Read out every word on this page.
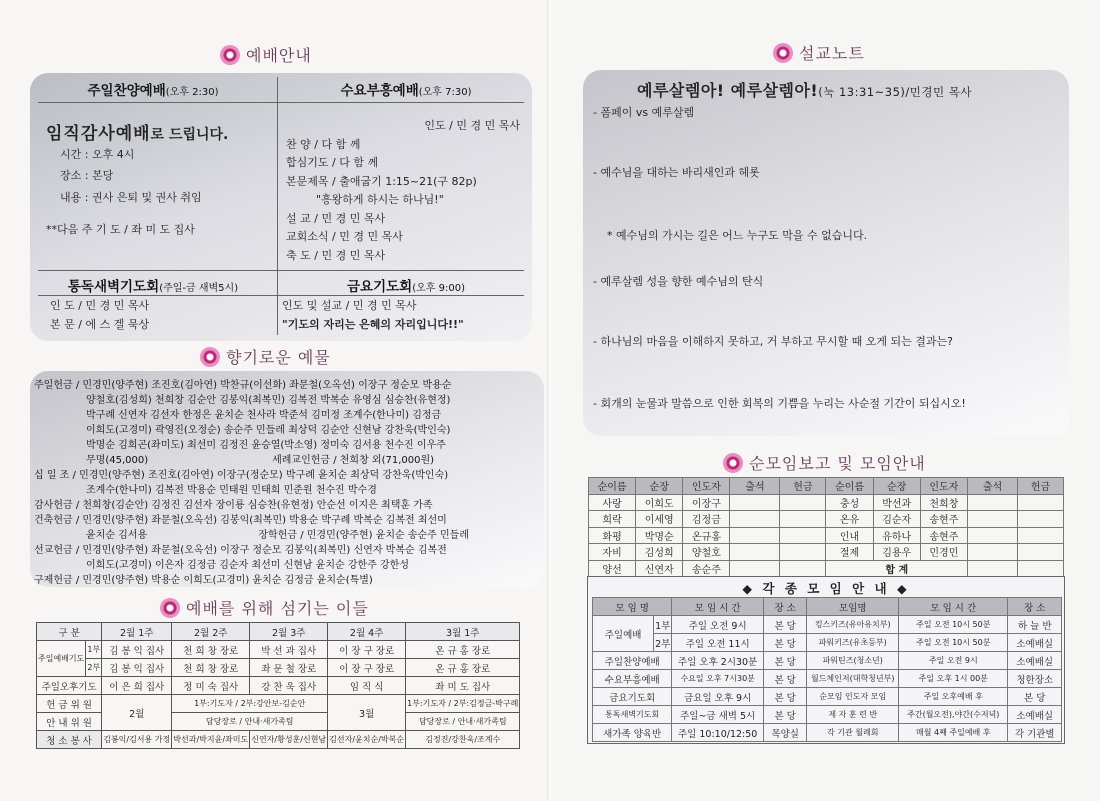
예배안내
주일찬양예배(오후 2:30)	수요부흥예배(오후 7:30)
임직감사예배로 드립니다.
시간 : 오후 4시
장소 : 본당
내용 : 권사 은퇴 및 권사 취임
**다음 주 기 도 / 좌 미 도 집사
인도 / 민 경 민 목사
찬 양 / 다 함 께
합심기도 / 다 함 께
본문제목 / 출애굽기 1:15~21(구 82p)
"흥왕하게 하시는 하나님!"
설 교 / 민 경 민 목사
교회소식 / 민 경 민 목사
축 도 / 민 경 민 목사
통독새벽기도회(주일-금 새벽5시)	금요기도회(오후 9:00)
인 도 / 민 경 민 목사
본 문 / 에 스 겔 묵상
인도 및 설교 / 민 경 민 목사
"기도의 자리는 은혜의 자리입니다!!"
향기로운 예물
주일헌금 / 민경민(양주현) 조진호(김아연) 박찬규(이선화) 좌문철(오옥선) 이장구 정순모 박용순
양철호(김성희) 천희창 김순안 김봉익(최복민) 김복전 박복순 유영심 심승찬(유현정)
박구례 신연자 김선자 한정은 윤치순 천사라 박준석 김미정 조계수(한나미) 김정금
이희도(고경미) 곽영진(오정순) 송순주 민들레 최상덕 김순안 신현남 강찬욱(박인숙)
박명순 김희곤(좌미도) 최선미 김정진 윤승열(박소영) 정미숙 김서용 천수진 이우주
무명(45,000)                                       세례교인헌금 / 천희창 외(71,000원)
십 일 조 / 민경민(양주현) 조진호(김아연) 이장구(정순모) 박구례 윤치순 최상덕 강찬욱(박인숙)
조계수(한나미) 김복전 박용순 민태원 민태희 민준원 천수진 박수경
감사헌금 / 천희창(김순안) 김정진 김선자 장이룡 심승찬(유현정) 안순선 이지은 최택훈 가족
건축헌금 / 민경민(양주현) 좌문철(오옥선) 김봉익(최복민) 박용순 박구례 박복순 김복전 최선미
윤치순 김서용                                   장학헌금 / 민경민(양주현) 윤치순 송순주 민들레
선교헌금 / 민경민(양주현) 좌문철(오옥선) 이장구 정순모 김봉익(최복민) 신연자 박복순 김복전
이희도(고경미) 이은자 김정금 김순자 최선미 신현남 윤치순 강한주 강한성
구제헌금 / 민경민(양주현) 박용순 이희도(고경미) 윤치순 김정금 윤치순(특별)
예배를 위해 섬기는 이들
구 분		2월 1주	2월 2주	2월 3주	2월 4주	3월 1주
주일예배기도	1부	김 봉 익 집사	천 희 창 장로	박 선 과 집사	이 장 구 장로	온 규 홍 장로
	2부	김 봉 익 집사	천 희 창 장로	좌 문 철 장로	이 장 구 장로	온 규 홍 장로
주일오후기도		이 은 희 집사	정 미 숙 집사	강 찬 욱 집사	임 직 식	좌 미 도 집사
헌 금 위 원		2월	1부:기도자 / 2부:강안보-김순안		3월	1부:기도자 / 2부:김정금-박구례
안 내 위 원			담당장로 / 안내·새가족팀			담당장로 / 안내·새가족팀
청 소 봉 사		김봉익/김서용 가정	박선과/박지윤/좌미도	신연자/황성훈/신현남	김선자/윤치순/박복순	김정진/강찬욱/조계수
설교노트
예루살렘아! 예루살렘아!(눅 13:31~35)/민경민 목사
- 폼페이 vs 예루살렘
- 예수님을 대하는 바리새인과 헤롯
* 예수님의 가시는 길은 어느 누구도 막을 수 없습니다.
- 예루살렘 성을 향한 예수님의 탄식
- 하나님의 마음을 이해하지 못하고, 거 부하고 무시할 때 오게 되는 결과는?
- 회개의 눈물과 말씀으로 인한 회복의 기쁨을 누리는 사순절 기간이 되십시오!
순모임보고 및 모임안내
순이름	순장	인도자	출석	헌금	순이름	순장	인도자	출석	헌금
사랑	이희도	이장구			충성	박선과	천희창		
희락	이세영	김정금			온유	김순자	송현주		
화평	박명순	온규홍			인내	유하나	송현주		
자비	김성희	양철호			절제	김용우	민경민		
양선	신연자	송순주			합 계				
◆ 각 종 모 임 안 내 ◆
모 임 명		모 임 시 간	장 소	모임명	모 임 시 간	장 소
주일예배	1부	주일 오전 9시	본 당	킹스키즈(유아유치부)	주일 오전 10시 50분	하 늘 반
	2부	주일 오전 11시	본 당	파워키즈(유초등부)	주일 오전 10시 50분	소예배실
주일찬양예배		주일 오후 2시30분	본 당	파워틴즈(청소년)	주일 오전 9시	소예배실
수요부흥예배		수요일 오후 7시30분	본 당	월드체인저(대학청년부)	주일 오후 1시 00분	청한장소
금요기도회		금요일 오후 9시	본 당	순모임 인도자 모임	주일 오후예배 후	본 당
통독새벽기도회		주일~금 새벽 5시	본 당	제 자 훈 련 반	주간(월오전),야간(수저녁)	소예배실
새가족 양육반		주일 10:10/12:50	목양실	각 기관 월례회	매월 4째 주일예배 후	각 기관별
